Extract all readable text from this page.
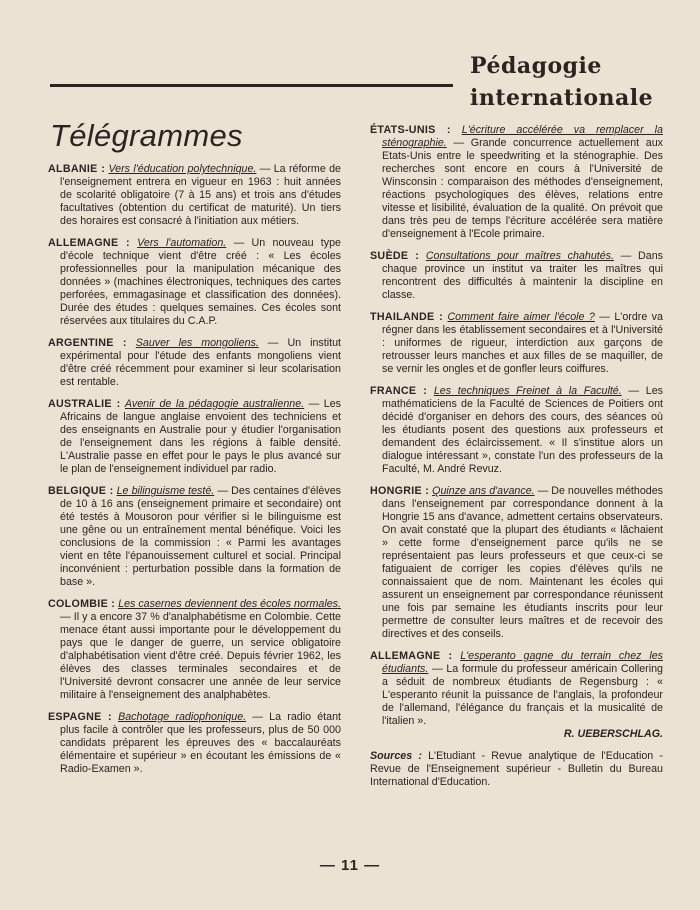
Pédagogie internationale
Télégrammes

ALBANIE : Vers l'éducation polytechnique. — La réforme de l'enseignement entrera en vigueur en 1963 : huit années de scolarité obligatoire (7 à 15 ans) et trois ans d'études facultatives (obtention du certificat de maturité). Un tiers des horaires est consacré à l'initiation aux métiers.

ALLEMAGNE : Vers l'automation. — Un nouveau type d'école technique vient d'être créé : « Les écoles professionnelles pour la manipulation mécanique des données » (machines électroniques, techniques des cartes perforées, emmagasinage et classification des données). Durée des études : quelques semaines. Ces écoles sont réservées aux titulaires du C.A.P.

ARGENTINE : Sauver les mongoliens. — Un institut expérimental pour l'étude des enfants mongoliens vient d'être créé récemment pour examiner si leur scolarisation est rentable.

AUSTRALIE : Avenir de la pédagogie australienne. — Les Africains de langue anglaise envoient des techniciens et des enseignants en Australie pour y étudier l'organisation de l'enseignement dans les régions à faible densité. L'Australie passe en effet pour le pays le plus avancé sur le plan de l'enseignement individuel par radio.

BELGIQUE : Le bilinguisme testé. — Des centaines d'élèves de 10 à 16 ans (enseignement primaire et secondaire) ont été testés à Mousoron pour vérifier si le bilinguisme est une gêne ou un entraînement mental bénéfique. Voici les conclusions de la commission : « Parmi les avantages vient en tête l'épanouissement culturel et social. Principal inconvénient : perturbation possible dans la formation de base ».

COLOMBIE : Les casernes deviennent des écoles normales. — Il y a encore 37 % d'analphabétisme en Colombie. Cette menace étant aussi importante pour le développement du pays que le danger de guerre, un service obligatoire d'alphabétisation vient d'être créé. Depuis février 1962, les élèves des classes terminales secondaires et de l'Université devront consacrer une année de leur service militaire à l'enseignement des analphabètes.

ESPAGNE : Bachotage radiophonique. — La radio étant plus facile à contrôler que les professeurs, plus de 50 000 candidats préparent les épreuves des « baccalauréats élémentaire et supérieur » en écoutant les émissions de « Radio-Examen ».

ÉTATS-UNIS : L'écriture accélérée va remplacer la sténographie. — Grande concurrence actuellement aux Etats-Unis entre le speedwriting et la sténographie. Des recherches sont encore en cours à l'Université de Winsconsin : comparaison des méthodes d'enseignement, réactions psychologiques des élèves, relations entre vitesse et lisibilité, évaluation de la qualité. On prévoit que dans très peu de temps l'écriture accélérée sera matière d'enseignement à l'Ecole primaire.

SUÈDE : Consultations pour maîtres chahutés. — Dans chaque province un institut va traiter les maîtres qui rencontrent des difficultés à maintenir la discipline en classe.

THAILANDE : Comment faire aimer l'école ? — L'ordre va régner dans les établissement secondaires et à l'Université : uniformes de rigueur, interdiction aux garçons de retrousser leurs manches et aux filles de se maquiller, de se vernir les ongles et de gonfler leurs coiffures.

FRANCE : Les techniques Freinet à la Faculté. — Les mathématiciens de la Faculté de Sciences de Poitiers ont décidé d'organiser en dehors des cours, des séances où les étudiants posent des questions aux professeurs et demandent des éclaircissement. « Il s'institue alors un dialogue intéressant », constate l'un des professeurs de la Faculté, M. André Revuz.

HONGRIE : Quinze ans d'avance. — De nouvelles méthodes dans l'enseignement par correspondance donnent à la Hongrie 15 ans d'avance, admettent certains observateurs. On avait constaté que la plupart des étudiants « lâchaient » cette forme d'enseignement parce qu'ils ne se représentaient pas leurs professeurs et que ceux-ci se fatiguaient de corriger les copies d'élèves qu'ils ne connaissaient que de nom. Maintenant les écoles qui assurent un enseignement par correspondance réunissent une fois par semaine les étudiants inscrits pour leur permettre de consulter leurs maîtres et de recevoir des directives et des conseils.

ALLEMAGNE : L'esperanto gagne du terrain chez les étudiants. — La formule du professeur américain Collering a séduit de nombreux étudiants de Regensburg : « L'esperanto réunit la puissance de l'anglais, la profondeur de l'allemand, l'élégance du français et la musicalité de l'italien ».

R. UEBERSCHLAG.

Sources : L'Etudiant - Revue analytique de l'Education - Revue de l'Enseignement supérieur - Bulletin du Bureau International d'Education.

— 11 —
